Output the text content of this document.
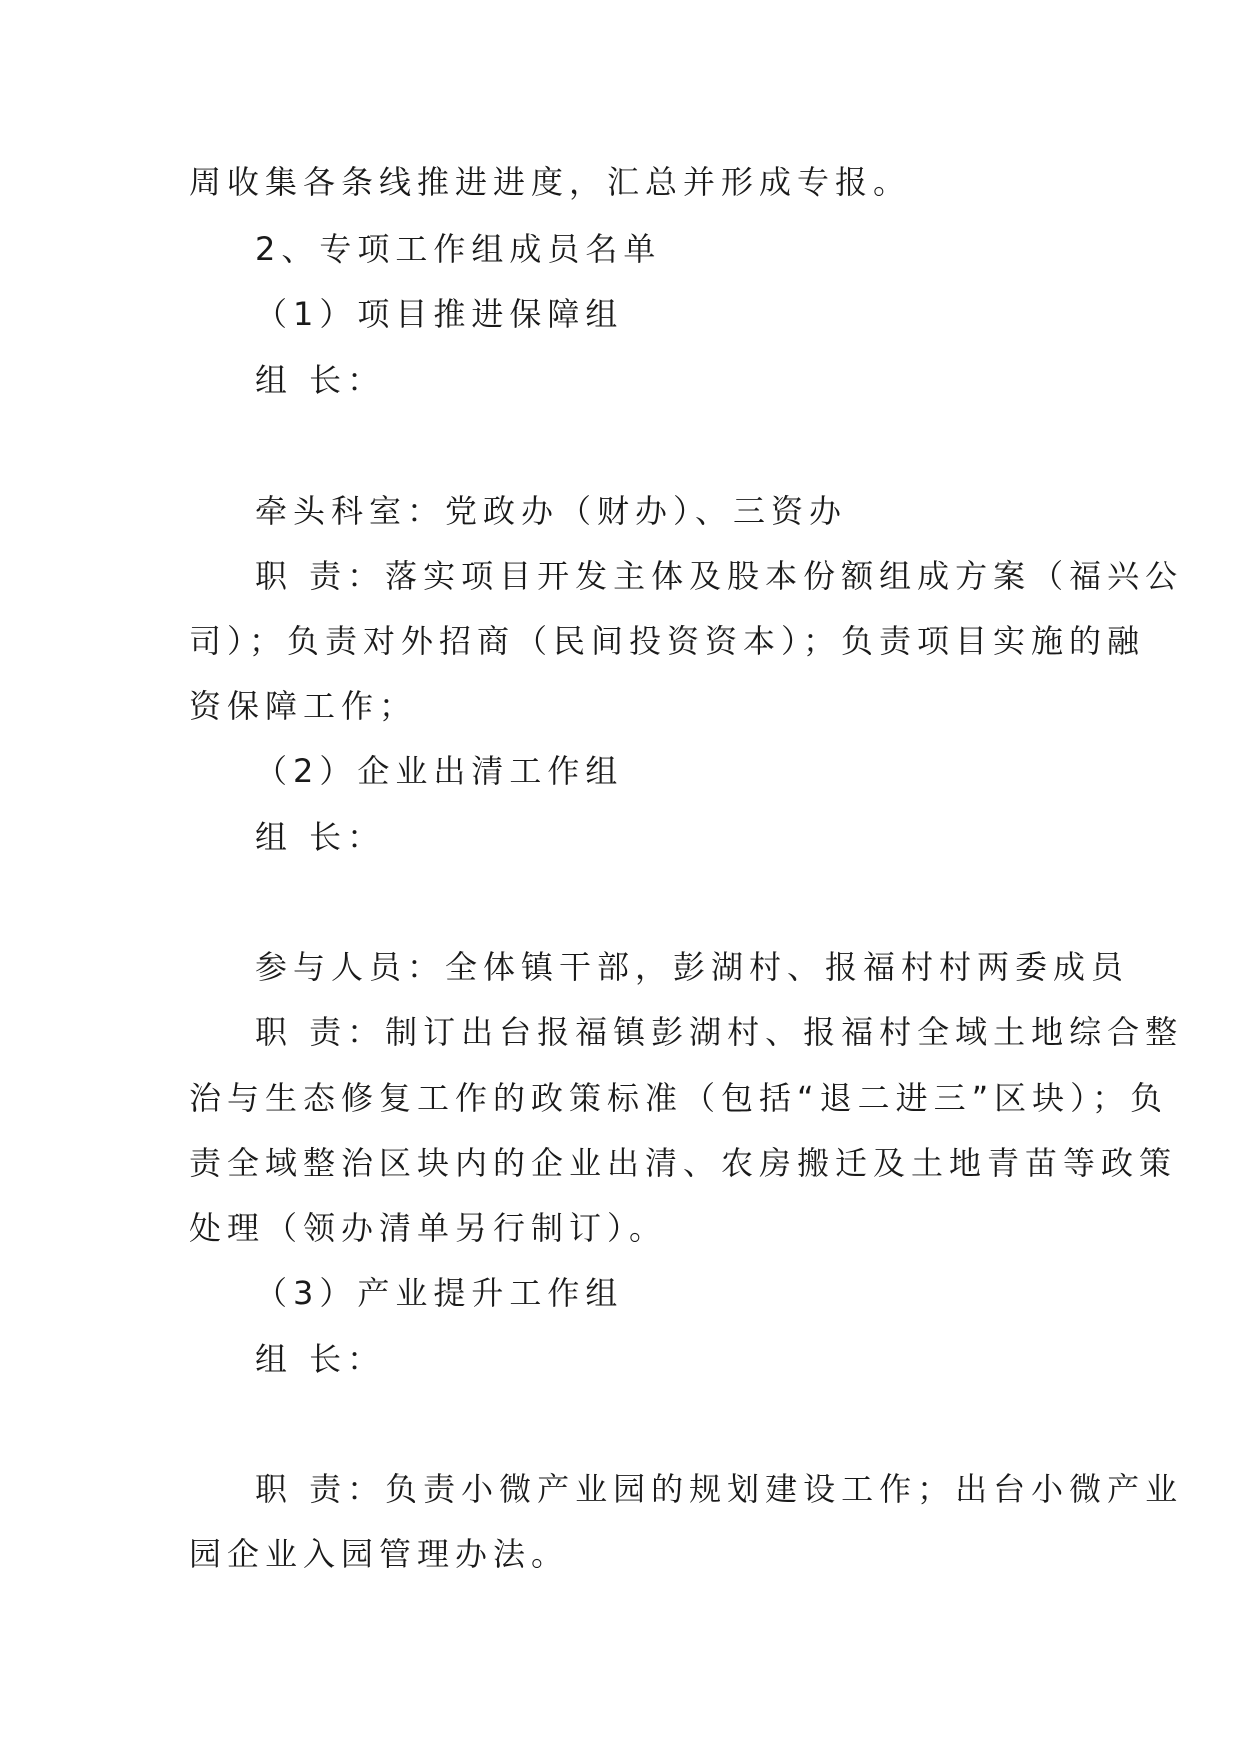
周收集各条线推进进度，汇总并形成专报。
2、专项工作组成员名单
（1）项目推进保障组
组 长：
牵头科室：党政办（财办）、三资办
职 责：落实项目开发主体及股本份额组成方案（福兴公
司）；负责对外招商（民间投资资本）；负责项目实施的融
资保障工作；
（2）企业出清工作组
组 长：
参与人员：全体镇干部，彭湖村、报福村村两委成员
职 责：制订出台报福镇彭湖村、报福村全域土地综合整
治与生态修复工作的政策标准（包括“退二进三”区块）；负
责全域整治区块内的企业出清、农房搬迁及土地青苗等政策
处理（领办清单另行制订）。
（3）产业提升工作组
组 长：
职 责：负责小微产业园的规划建设工作；出台小微产业
园企业入园管理办法。
